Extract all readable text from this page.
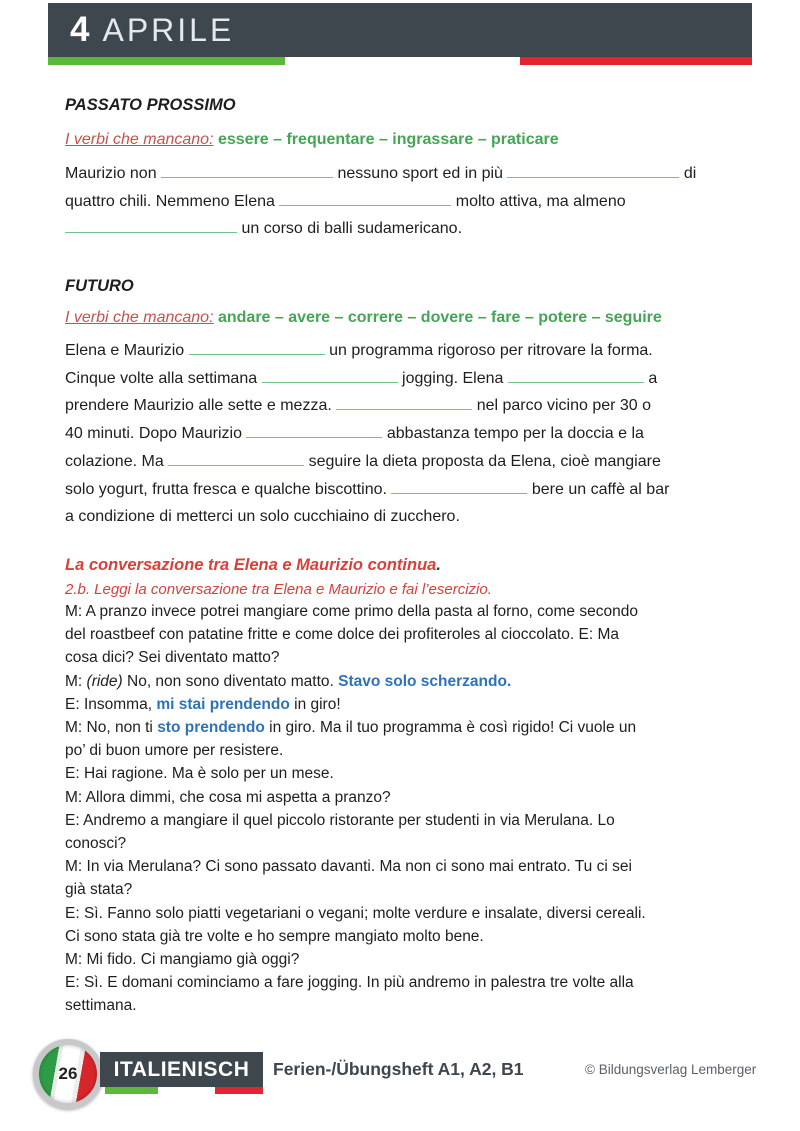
4 APRILE
PASSATO PROSSIMO
I verbi che mancano: essere – frequentare – ingrassare – praticare
Maurizio non	nessuno sport ed in più	di
quattro chili. Nemmeno Elena	molto attiva, ma almeno
un corso di balli sudamericano.
FUTURO
I verbi che mancano: andare – avere – correre – dovere – fare – potere – seguire
Elena e Maurizio	un programma rigoroso per ritrovare la forma.
Cinque volte alla settimana	jogging. Elena	a
prendere Maurizio alle sette e mezza.	nel parco vicino per 30 o
40 minuti. Dopo Maurizio	abbastanza tempo per la doccia e la
colazione. Ma	seguire la dieta proposta da Elena, cioè mangiare
solo yogurt, frutta fresca e qualche biscottino.	bere un caffè al bar
a condizione di metterci un solo cucchiaino di zucchero.
La conversazione tra Elena e Maurizio continua.
2.b. Leggi la conversazione tra Elena e Maurizio e fai l’esercizio.
M: A pranzo invece potrei mangiare come primo della pasta al forno, come secondo
del roastbeef con patatine fritte e come dolce dei profiteroles al cioccolato. E: Ma
cosa dici? Sei diventato matto?
M: (ride) No, non sono diventato matto. Stavo solo scherzando.
E: Insomma, mi stai prendendo in giro!
M: No, non ti sto prendendo in giro. Ma il tuo programma è così rigido! Ci vuole un
po’ di buon umore per resistere.
E: Hai ragione. Ma è solo per un mese.
M: Allora dimmi, che cosa mi aspetta a pranzo?
E: Andremo a mangiare il quel piccolo ristorante per studenti in via Merulana. Lo
conosci?
M: In via Merulana? Ci sono passato davanti. Ma non ci sono mai entrato. Tu ci sei
già stata?
E: Sì. Fanno solo piatti vegetariani o vegani; molte verdure e insalate, diversi cereali.
Ci sono stata già tre volte e ho sempre mangiato molto bene.
M: Mi fido. Ci mangiamo già oggi?
E: Sì. E domani cominciamo a fare jogging. In più andremo in palestra tre volte alla
settimana.
26 ITALIENISCH Ferien-/Übungsheft A1, A2, B1	© Bildungsverlag Lemberger
